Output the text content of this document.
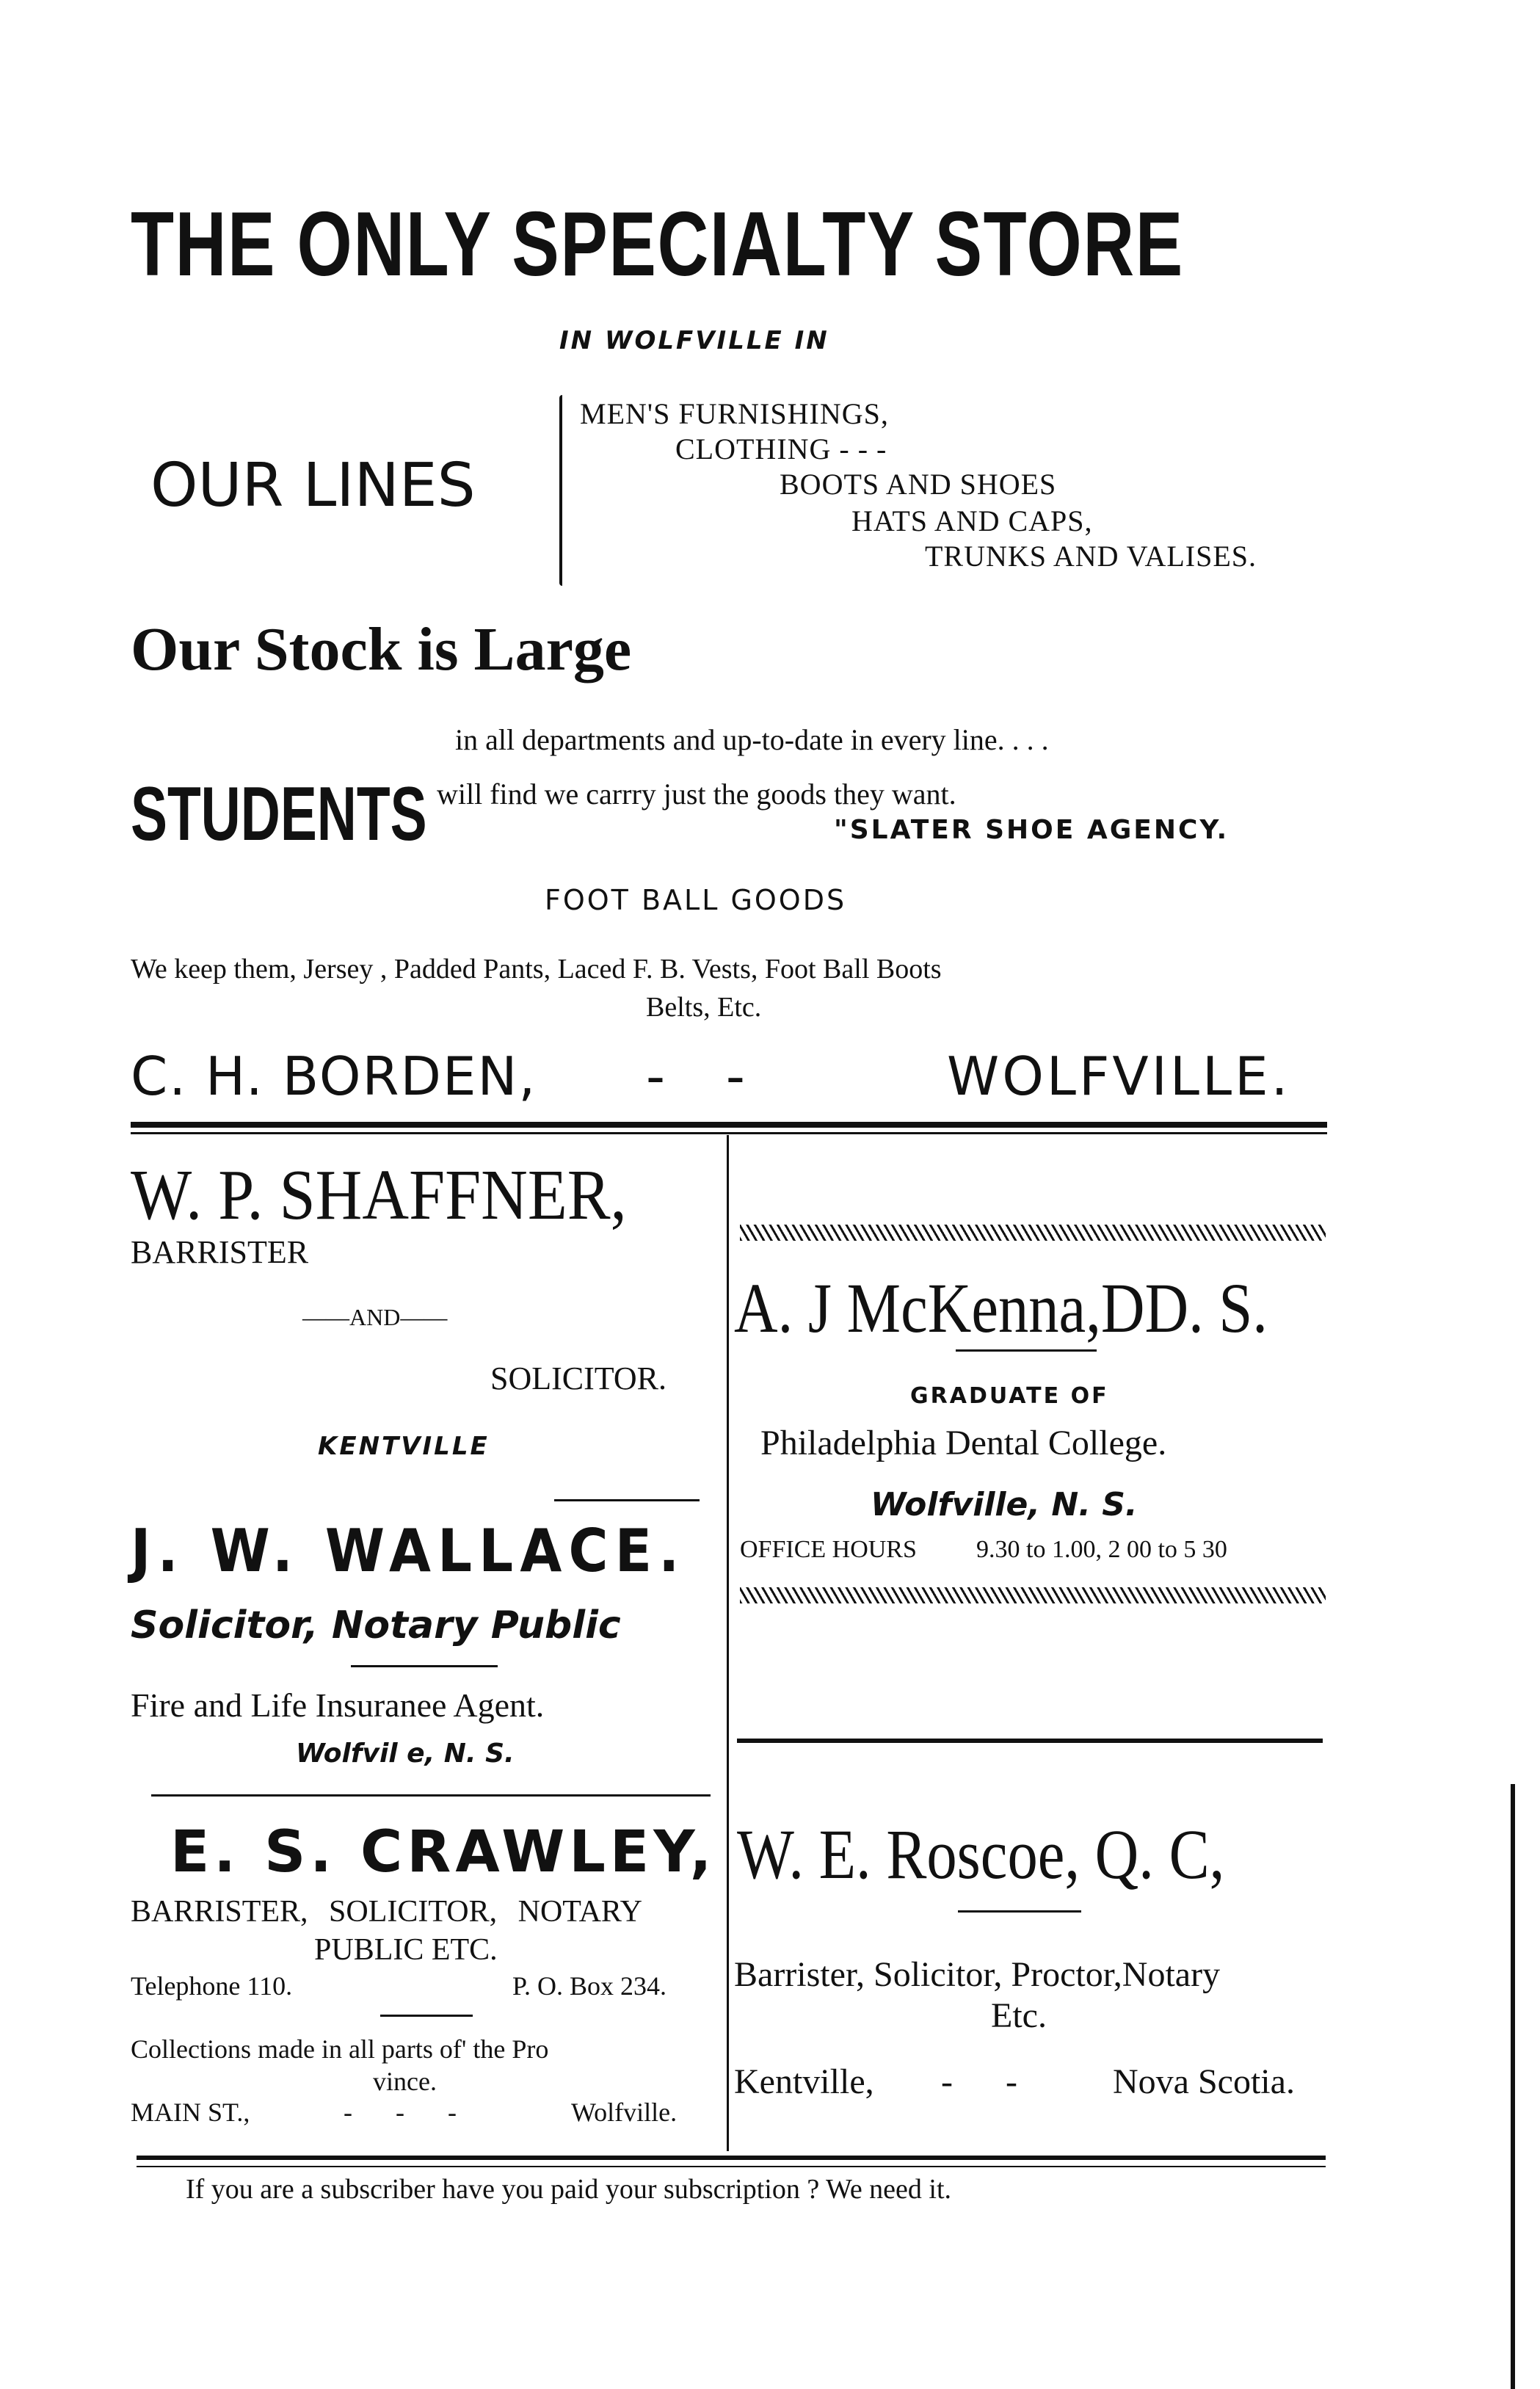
THE ONLY SPECIALTY STORE
IN WOLFVILLE IN
OUR LINES
MEN'S FURNISHINGS,
CLOTHING - - -
BOOTS AND SHOES
HATS AND CAPS,
TRUNKS AND VALISES.
Our Stock is Large
in all departments and up-to-date in every line. . . .
STUDENTS will find we carrry just the goods they want.
"SLATER SHOE AGENCY.
FOOT BALL GOODS
We keep them, Jersey , Padded Pants, Laced F. B. Vests, Foot Ball Boots
Belts, Etc.
C. H. BORDEN, - -	WOLFVILLE.
W. P. SHAFFNER,
BARRISTER
——AND——
SOLICITOR.
KENTVILLE
J. W. WALLACE.
Solicitor, Notary Public
Fire and Life Insuranee Agent.
Wolfvil e, N. S.
E. S. CRAWLEY,
BARRISTER, SOLICITOR, NOTARY
PUBLIC ETC.
Telephone 110.	P. O. Box 234.
Collections made in all parts of' the Pro
vince.
MAIN ST.,	- - -	Wolfville.
A. J McKenna,DD. S.
GRADUATE OF
Philadelphia Dental College.
Wolfville, N. S.
OFFICE HOURS 9.30 to 1.00, 2 00 to 5 30
W. E. Roscoe, Q. C,
Barrister, Solicitor, Proctor,Notary
Etc.
Kentville, - -	Nova Scotia.
If you are a subscriber have you paid your subscription ? We need it.
